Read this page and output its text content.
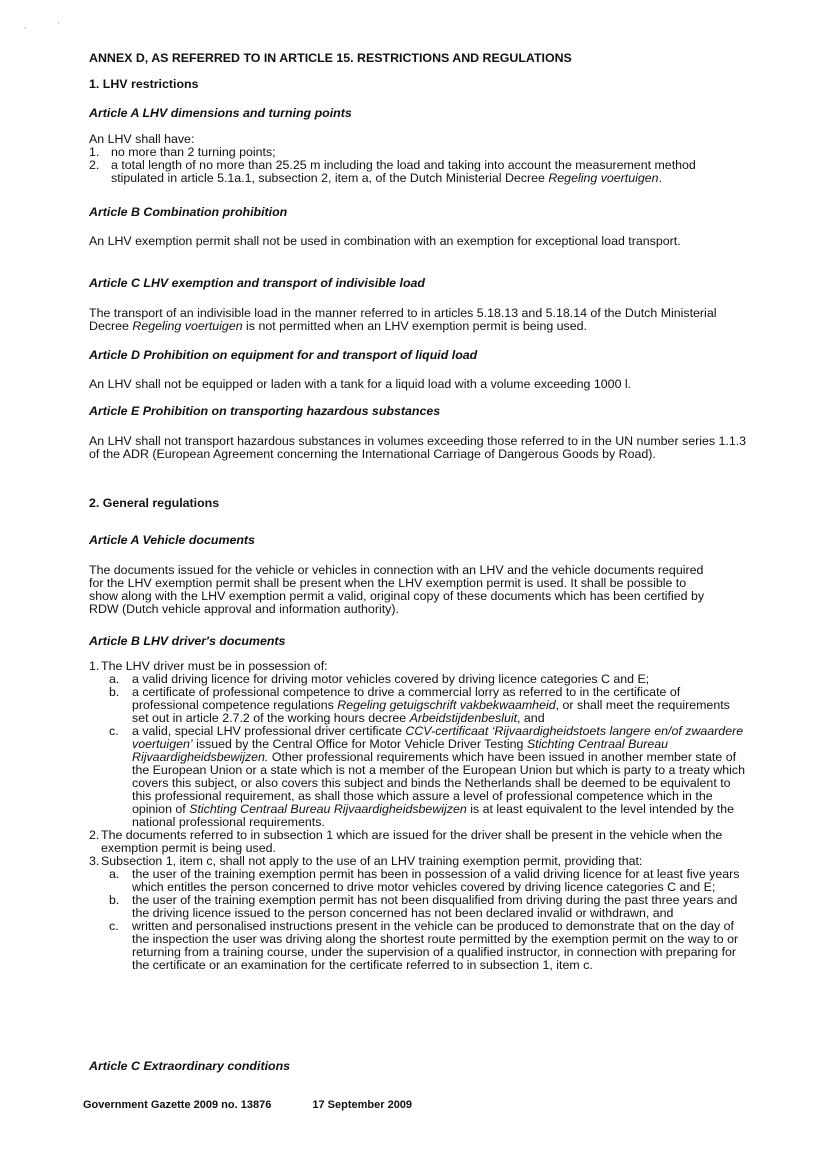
-	'
ANNEX D, AS REFERRED TO IN ARTICLE 15. RESTRICTIONS AND REGULATIONS
1. LHV restrictions
Article A LHV dimensions and turning points

An LHV shall have:

1. no more than 2 turning points;
2. a total length of no more than 25.25 m including the load and taking into account the measurement method stipulated in article 5.1a.1, subsection 2, item a, of the Dutch Ministerial Decree Regeling voertuigen.
Article B Combination prohibition
An LHV exemption permit shall not be used in combination with an exemption for exceptional load transport.
Article C LHV exemption and transport of indivisible load
The transport of an indivisible load in the manner referred to in articles 5.18.13 and 5.18.14 of the Dutch Ministerial Decree Regeling voertuigen is not permitted when an LHV exemption permit is being used.
Article D Prohibition on equipment for and transport of liquid load
An LHV shall not be equipped or laden with a tank for a liquid load with a volume exceeding 1000 l.
Article E Prohibition on transporting hazardous substances
An LHV shall not transport hazardous substances in volumes exceeding those referred to in the UN number series 1.1.3 of the ADR (European Agreement concerning the International Carriage of Dangerous Goods by Road).
2. General regulations
Article A Vehicle documents
The documents issued for the vehicle or vehicles in connection with an LHV and the vehicle documents required for the LHV exemption permit shall be present when the LHV exemption permit is used. It shall be possible to show along with the LHV exemption permit a valid, original copy of these documents which has been certified by RDW (Dutch vehicle approval and information authority).
Article B LHV driver's documents
1. The LHV driver must be in possession of:
a. a valid driving licence for driving motor vehicles covered by driving licence categories C and E;
b. a certificate of professional competence to drive a commercial lorry as referred to in the certificate of professional competence regulations Regeling getuigschrift vakbekwaamheid, or shall meet the requirements set out in article 2.7.2 of the working hours decree Arbeidstijdenbesluit, and
c. a valid, special LHV professional driver certificate CCV-certificaat ‘Rijvaardigheidstoets langere en/of zwaardere voertuigen’ issued by the Central Office for Motor Vehicle Driver Testing Stichting Centraal Bureau Rijvaardigheidsbewijzen. Other professional requirements which have been issued in another member state of the European Union or a state which is not a member of the European Union but which is party to a treaty which covers this subject, or also covers this subject and binds the Netherlands shall be deemed to be equivalent to this professional requirement, as shall those which assure a level of professional competence which in the opinion of Stichting Centraal Bureau Rijvaardigheidsbewijzen is at least equivalent to the level intended by the national professional requirements.
2. The documents referred to in subsection 1 which are issued for the driver shall be present in the vehicle when the exemption permit is being used.
3. Subsection 1, item c, shall not apply to the use of an LHV training exemption permit, providing that:
a. the user of the training exemption permit has been in possession of a valid driving licence for at least five years which entitles the person concerned to drive motor vehicles covered by driving licence categories C and E;
b. the user of the training exemption permit has not been disqualified from driving during the past three years and the driving licence issued to the person concerned has not been declared invalid or withdrawn, and
c. written and personalised instructions present in the vehicle can be produced to demonstrate that on the day of the inspection the user was driving along the shortest route permitted by the exemption permit on the way to or returning from a training course, under the supervision of a qualified instructor, in connection with preparing for the certificate or an examination for the certificate referred to in subsection 1, item c.
Article C Extraordinary conditions
Government Gazette 2009 no. 13876	17 September 2009
